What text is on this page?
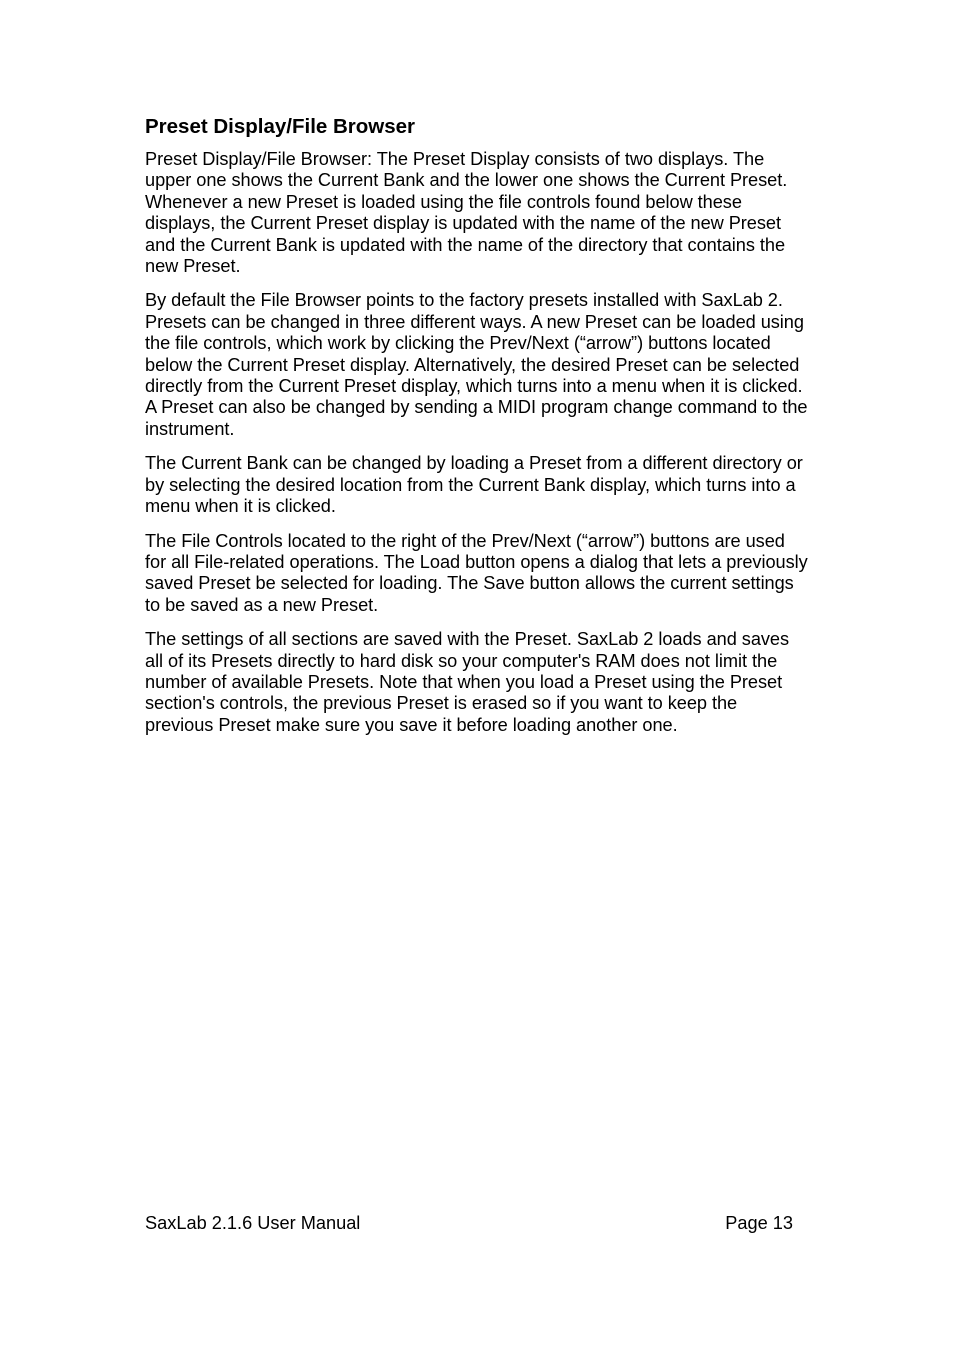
Preset Display/File Browser

Preset Display/File Browser: The Preset Display consists of two displays. The upper one shows the Current Bank and the lower one shows the Current Preset. Whenever a new Preset is loaded using the file controls found below these displays, the Current Preset display is updated with the name of the new Preset and the Current Bank is updated with the name of the directory that contains the new Preset.

By default the File Browser points to the factory presets installed with SaxLab 2. Presets can be changed in three different ways. A new Preset can be loaded using the file controls, which work by clicking the Prev/Next (“arrow”) buttons located below the Current Preset display. Alternatively, the desired Preset can be selected directly from the Current Preset display, which turns into a menu when it is clicked. A Preset can also be changed by sending a MIDI program change command to the instrument.

The Current Bank can be changed by loading a Preset from a different directory or by selecting the desired location from the Current Bank display, which turns into a menu when it is clicked.

The File Controls located to the right of the Prev/Next (“arrow”) buttons are used for all File-related operations. The Load button opens a dialog that lets a previously saved Preset be selected for loading. The Save button allows the current settings to be saved as a new Preset.

The settings of all sections are saved with the Preset. SaxLab 2 loads and saves all of its Presets directly to hard disk so your computer's RAM does not limit the number of available Presets. Note that when you load a Preset using the Preset section's controls, the previous Preset is erased so if you want to keep the previous Preset make sure you save it before loading another one.

SaxLab 2.1.6 User Manual	Page 13
